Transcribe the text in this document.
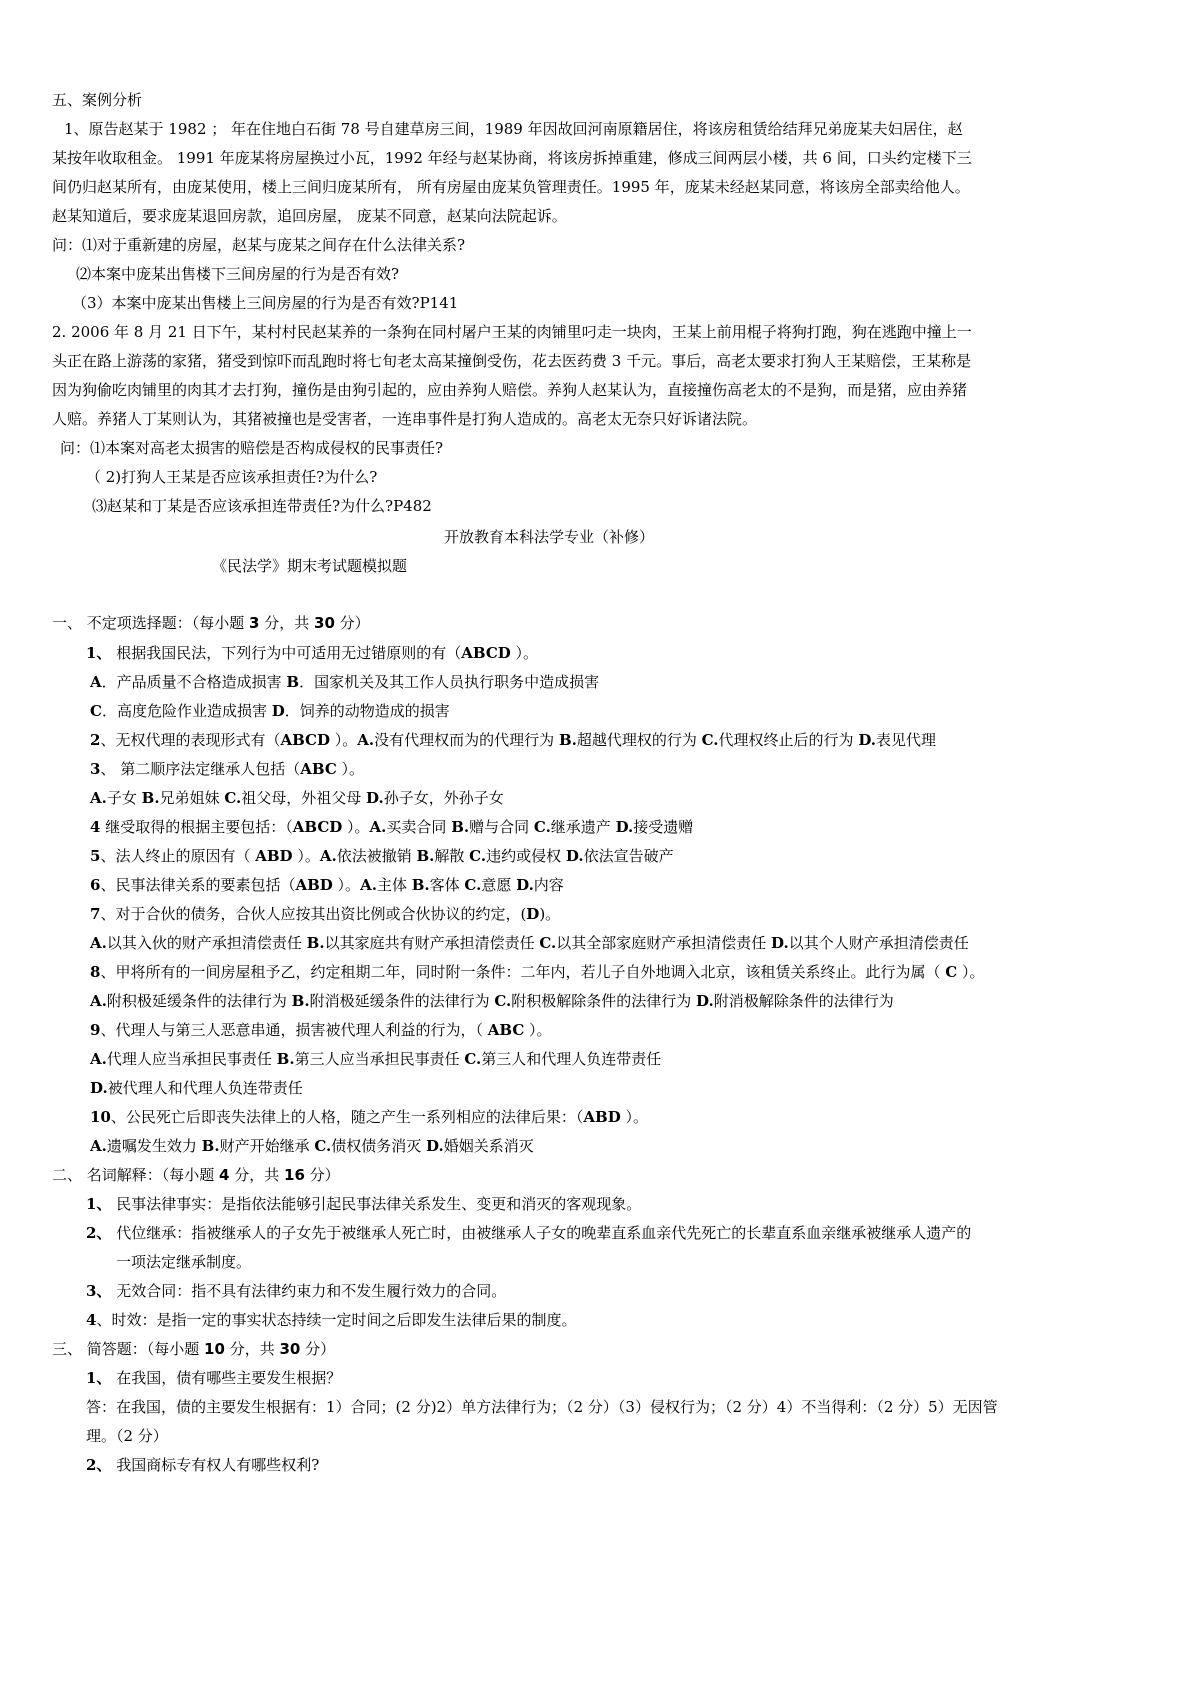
五、案例分析
1、原告赵某于 1982 ； 年在住地白石街 78 号自建草房三间，1989 年因故回河南原籍居住，将该房租赁给结拜兄弟庞某夫妇居住，赵
某按年收取租金。 1991 年庞某将房屋换过小瓦，1992 年经与赵某协商，将该房拆掉重建，修成三间两层小楼，共 6 间，口头约定楼下三
间仍归赵某所有，由庞某使用，楼上三间归庞某所有， 所有房屋由庞某负管理责任。1995 年，庞某未经赵某同意，将该房全部卖给他人。
赵某知道后，要求庞某退回房款，追回房屋， 庞某不同意，赵某向法院起诉。
问：⑴对于重新建的房屋，赵某与庞某之间存在什么法律关系?
⑵本案中庞某出售楼下三间房屋的行为是否有效?
（3）本案中庞某出售楼上三间房屋的行为是否有效?P141
2. 2006 年 8 月 21 日下午，某村村民赵某养的一条狗在同村屠户王某的肉铺里叼走一块肉，王某上前用棍子将狗打跑，狗在逃跑中撞上一
头正在路上游荡的家猪，猪受到惊吓而乱跑时将七旬老太高某撞倒受伤，花去医药费 3 千元。事后，高老太要求打狗人王某赔偿，王某称是
因为狗偷吃肉铺里的肉其才去打狗，撞伤是由狗引起的，应由养狗人赔偿。养狗人赵某认为，直接撞伤高老太的不是狗，而是猪，应由养猪
人赔。养猪人丁某则认为，其猪被撞也是受害者，一连串事件是打狗人造成的。高老太无奈只好诉诸法院。
问：⑴本案对高老太损害的赔偿是否构成侵权的民事责任?
（ 2)打狗人王某是否应该承担责任?为什么?
⑶赵某和丁某是否应该承担连带责任?为什么?P482
开放教育本科法学专业（补修）
《民法学》期末考试题模拟题
一、 不定项选择题：（每小题 3 分，共 30 分）
1、 根据我国民法，下列行为中可适用无过错原则的有（ABCD ）。
A．产品质量不合格造成损害 B．国家机关及其工作人员执行职务中造成损害
C．高度危险作业造成损害 D．饲养的动物造成的损害
2、无权代理的表现形式有（ABCD ）。A.没有代理权而为的代理行为 B.超越代理权的行为 C.代理权终止后的行为 D.表见代理
3、 第二顺序法定继承人包括（ABC ）。
A.子女 B.兄弟姐妹 C.祖父母，外祖父母 D.孙子女，外孙子女
4 继受取得的根据主要包括：（ABCD ）。A.买卖合同 B.赠与合同 C.继承遗产 D.接受遗赠
5、法人终止的原因有（ ABD ）。A.依法被撤销 B.解散 C.违约或侵权 D.依法宣告破产
6、民事法律关系的要素包括（ABD ）。A.主体 B.客体 C.意愿 D.内容
7、对于合伙的债务，合伙人应按其出资比例或合伙协议的约定，(D)。
A.以其入伙的财产承担清偿责任 B.以其家庭共有财产承担清偿责任 C.以其全部家庭财产承担清偿责任 D.以其个人财产承担清偿责任
8、甲将所有的一间房屋租予乙，约定租期二年，同时附一条件：二年内，若儿子自外地调入北京，该租赁关系终止。此行为属（ C ）。
A.附积极延缓条件的法律行为 B.附消极延缓条件的法律行为 C.附积极解除条件的法律行为 D.附消极解除条件的法律行为
9、代理人与第三人恶意串通，损害被代理人利益的行为，（ ABC ）。
A.代理人应当承担民事责任 B.第三人应当承担民事责任 C.第三人和代理人负连带责任
D.被代理人和代理人负连带责任
10、公民死亡后即丧失法律上的人格，随之产生一系列相应的法律后果：（ABD ）。
A.遗嘱发生效力 B.财产开始继承 C.债权债务消灭 D.婚姻关系消灭
二、 名词解释：（每小题 4 分，共 16 分）
1、 民事法律事实：是指依法能够引起民事法律关系发生、变更和消灭的客观现象。
2、 代位继承：指被继承人的子女先于被继承人死亡时，由被继承人子女的晚辈直系血亲代先死亡的长辈直系血亲继承被继承人遗产的
一项法定继承制度。
3、 无效合同：指不具有法律约束力和不发生履行效力的合同。
4、时效：是指一定的事实状态持续一定时间之后即发生法律后果的制度。
三、 简答题：（每小题 10 分，共 30 分）
1、 在我国，债有哪些主要发生根据？
答：在我国，债的主要发生根据有：1）合同；(2 分)2）单方法律行为；（2 分）（3）侵权行为；（2 分）4）不当得利：（2 分）5）无因管
理。（2 分）
2、 我国商标专有权人有哪些权利?
